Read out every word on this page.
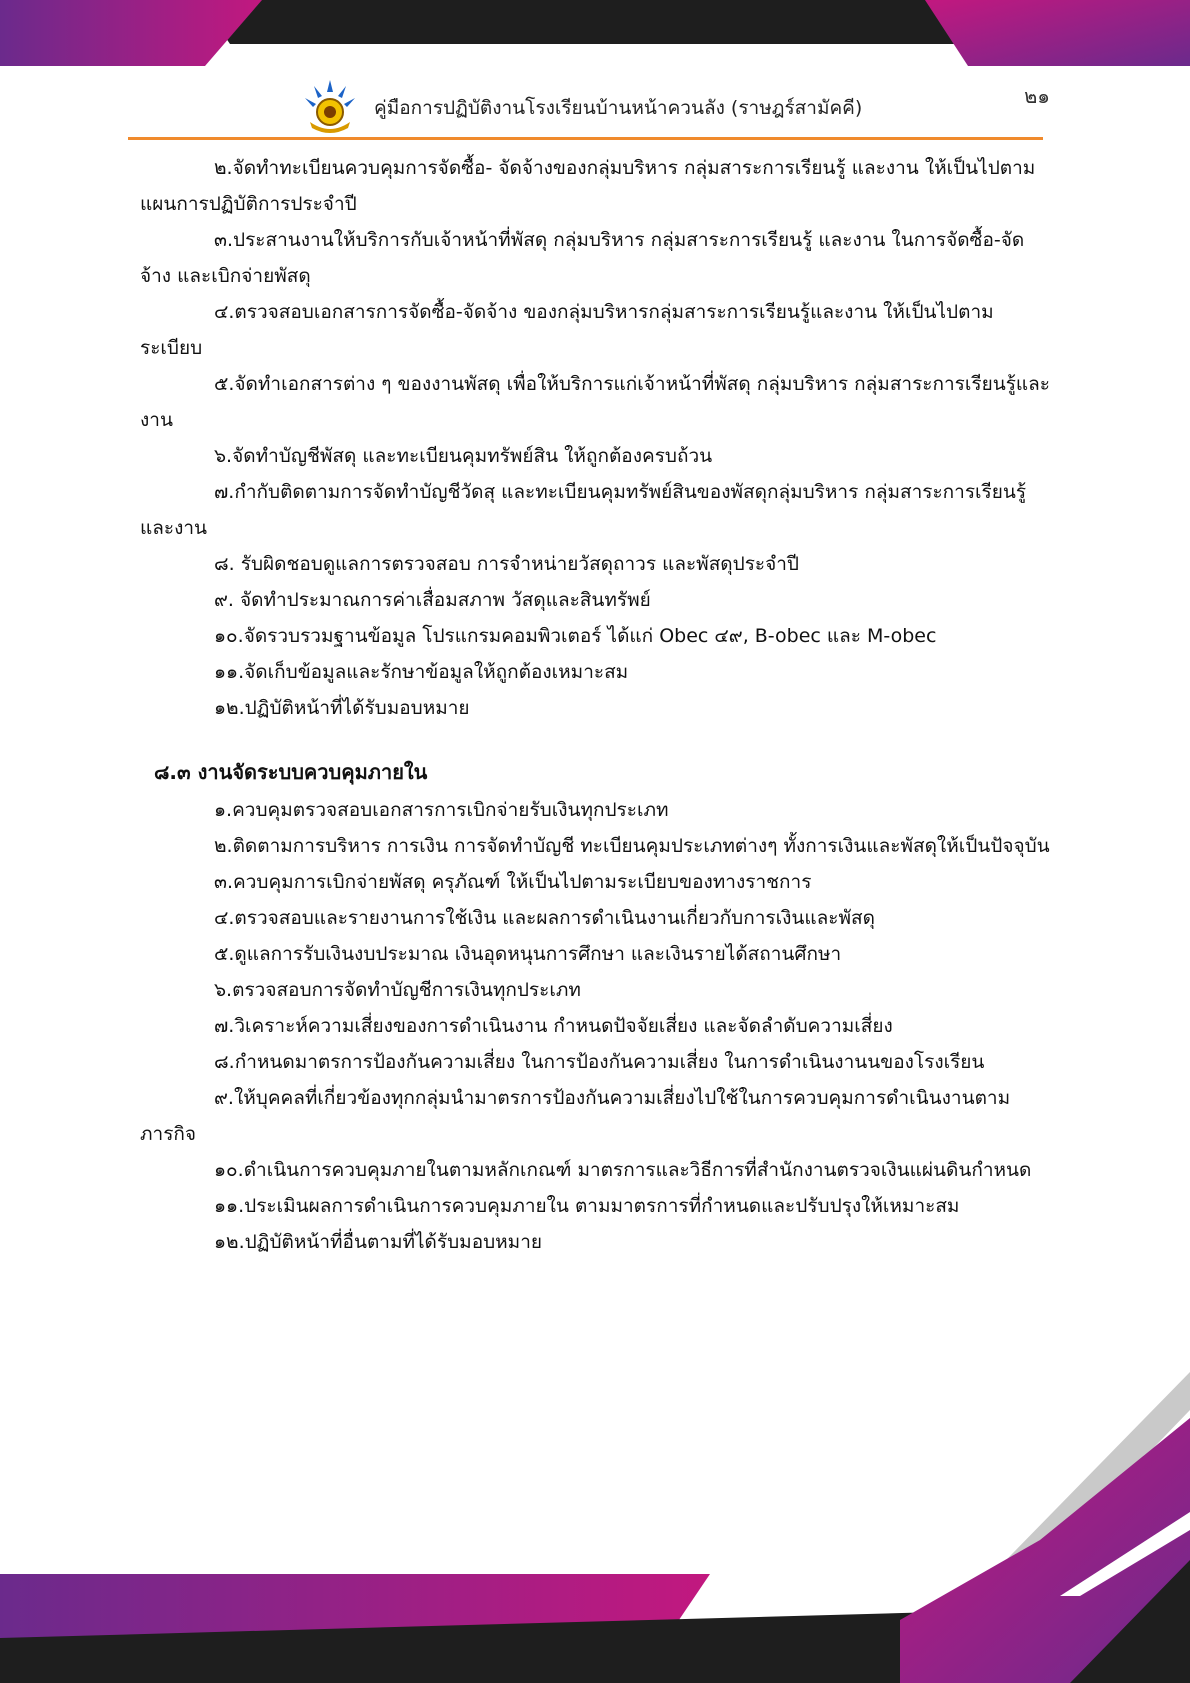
๒๑
คู่มือการปฏิบัติงานโรงเรียนบ้านหน้าควนลัง (ราษฎร์สามัคคี)

๒.จัดทำทะเบียนควบคุมการจัดซื้อ- จัดจ้างของกลุ่มบริหาร กลุ่มสาระการเรียนรู้ และงาน ให้เป็นไปตามแผนการปฏิบัติการประจำปี

๓.ประสานงานให้บริการกับเจ้าหน้าที่พัสดุ กลุ่มบริหาร กลุ่มสาระการเรียนรู้ และงาน ในการจัดซื้อ-จัดจ้าง และเบิกจ่ายพัสดุ

๔.ตรวจสอบเอกสารการจัดซื้อ-จัดจ้าง ของกลุ่มบริหารกลุ่มสาระการเรียนรู้และงาน ให้เป็นไปตามระเบียบ

๕.จัดทำเอกสารต่าง ๆ ของงานพัสดุ เพื่อให้บริการแก่เจ้าหน้าที่พัสดุ กลุ่มบริหาร กลุ่มสาระการเรียนรู้และงาน

๖.จัดทำบัญชีพัสดุ และทะเบียนคุมทรัพย์สิน ให้ถูกต้องครบถ้วน

๗.กำกับติดตามการจัดทำบัญชีวัดสุ และทะเบียนคุมทรัพย์สินของพัสดุกลุ่มบริหาร กลุ่มสาระการเรียนรู้ และงาน

๘. รับผิดชอบดูแลการตรวจสอบ การจำหน่ายวัสดุถาวร และพัสดุประจำปี

๙. จัดทำประมาณการค่าเสื่อมสภาพ วัสดุและสินทรัพย์

๑๐.จัดรวบรวมฐานข้อมูล โปรแกรมคอมพิวเตอร์ ได้แก่ Obec ๔๙, B-obec และ M-obec

๑๑.จัดเก็บข้อมูลและรักษาข้อมูลให้ถูกต้องเหมาะสม

๑๒.ปฏิบัติหน้าที่ได้รับมอบหมาย

๘.๓ งานจัดระบบควบคุมภายใน

๑.ควบคุมตรวจสอบเอกสารการเบิกจ่ายรับเงินทุกประเภท

๒.ติดตามการบริหาร การเงิน การจัดทำบัญชี ทะเบียนคุมประเภทต่างๆ ทั้งการเงินและพัสดุให้เป็นปัจจุบัน

๓.ควบคุมการเบิกจ่ายพัสดุ ครุภัณฑ์ ให้เป็นไปตามระเบียบของทางราชการ

๔.ตรวจสอบและรายงานการใช้เงิน และผลการดำเนินงานเกี่ยวกับการเงินและพัสดุ

๕.ดูแลการรับเงินงบประมาณ เงินอุดหนุนการศึกษา และเงินรายได้สถานศึกษา

๖.ตรวจสอบการจัดทำบัญชีการเงินทุกประเภท

๗.วิเคราะห์ความเสี่ยงของการดำเนินงาน กำหนดปัจจัยเสี่ยง และจัดลำดับความเสี่ยง

๘.กำหนดมาตรการป้องกันความเสี่ยง ในการป้องกันความเสี่ยง ในการดำเนินงานนของโรงเรียน

๙.ให้บุคคลที่เกี่ยวข้องทุกกลุ่มนำมาตรการป้องกันความเสี่ยงไปใช้ในการควบคุมการดำเนินงานตามภารกิจ

๑๐.ดำเนินการควบคุมภายในตามหลักเกณฑ์ มาตรการและวิธีการที่สำนักงานตรวจเงินแผ่นดินกำหนด

๑๑.ประเมินผลการดำเนินการควบคุมภายใน ตามมาตรการที่กำหนดและปรับปรุงให้เหมาะสม

๑๒.ปฏิบัติหน้าที่อื่นตามที่ได้รับมอบหมาย
